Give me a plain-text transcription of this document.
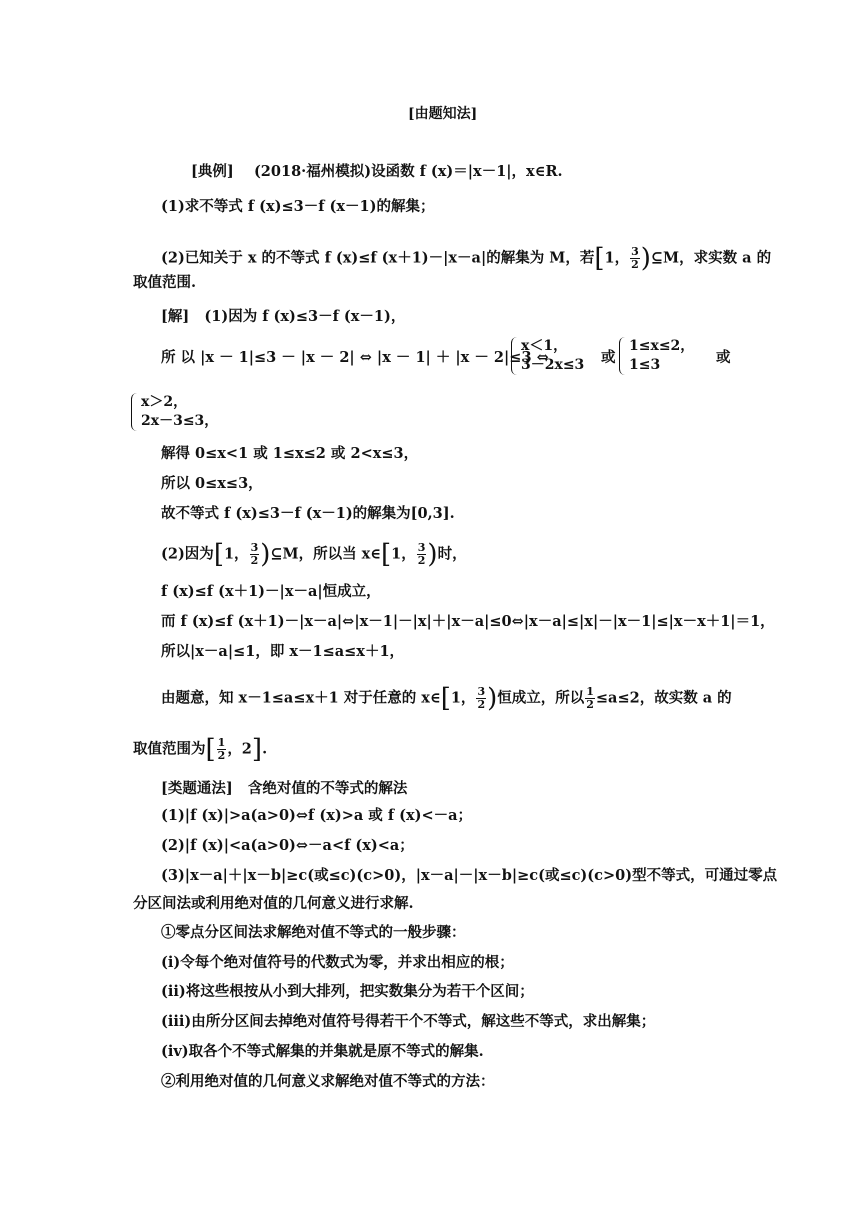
[由题知法]
[典例] (2018·福州模拟)设函数 f (x)＝|x－1|，x∈R.
(1)求不等式 f (x)≤3－f (x－1)的解集；
(2)已知关于 x 的不等式 f (x)≤f (x＋1)－|x－a|的解集为 M，若[1， $\frac{3}{2}$ )⊆M，求实数 a 的
取值范围.
[解] (1)因为 f (x)≤3－f (x－1)，
所 以 |x － 1|≤3 － |x － 2| ⇔ |x － 1| ＋ |x － 2|≤3 ⇔
x＜1，
3－2x≤3 或
1≤x≤2，
1≤3	或
x＞2，
2x－3≤3，
解得 0≤x<1 或 1≤x≤2 或 2<x≤3，
所以 0≤x≤3，
故不等式 f (x)≤3－f (x－1)的解集为[0,3].
(2)因为[1， $\frac{3}{2}$ )⊆M，所以当 x∈[1， $\frac{3}{2}$ )时，
f (x)≤f (x＋1)－|x－a|恒成立，
而 f (x)≤f (x＋1)－|x－a|⇔|x－1|－|x|＋|x－a|≤0⇔|x－a|≤|x|－|x－1|≤|x－x＋1|＝1，
所以|x－a|≤1，即 x－1≤a≤x＋1，
由题意，知 x－1≤a≤x＋1 对于任意的 x∈[1， $\frac{3}{2}$ )恒成立，所以 $\frac{1}{2} \le a\le 2$，故实数 a 的
取值范围为[ $\frac{1}{2}$ ，2].
[类题通法] 含绝对值的不等式的解法
(1)|f (x)|>a(a>0)⇔f (x)>a 或 f (x)<－a；
(2)|f (x)|<a(a>0)⇔－a<f (x)<a；
(3)|x－a|＋|x－b|≥c(或≤c)(c>0)，|x－a|－|x－b|≥c(或≤c)(c>0)型不等式，可通过零点
分区间法或利用绝对值的几何意义进行求解.
①零点分区间法求解绝对值不等式的一般步骤：
(ⅰ)令每个绝对值符号的代数式为零，并求出相应的根；
(ⅱ)将这些根按从小到大排列，把实数集分为若干个区间；
(ⅲ)由所分区间去掉绝对值符号得若干个不等式，解这些不等式，求出解集；
(ⅳ)取各个不等式解集的并集就是原不等式的解集.
②利用绝对值的几何意义求解绝对值不等式的方法：
